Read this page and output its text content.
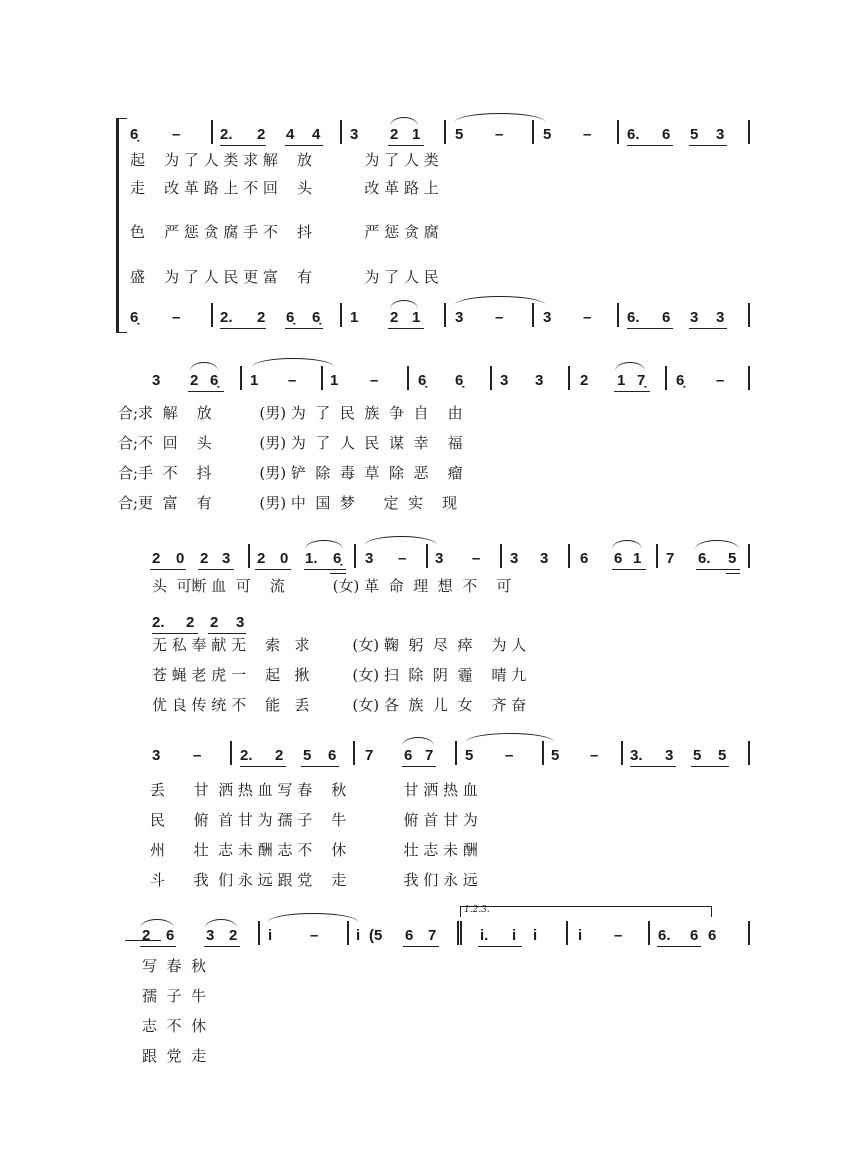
6̣ –	2. 2 4 4 3 2 1 5 –	5 – 6. 6 5 3
起    为 了 人 类 求 解    放           为 了 人 类
走    改 革 路 上 不 回    头           改 革 路 上
色    严 惩 贪 腐 手 不    抖           严 惩 贪 腐
盛    为 了 人 民 更 富    有           为 了 人 民
6̣ –	2. 2 6̣ 6̣ 1 2 1 3 –	3 – 6. 6 3 3
3 2 6̣ 1 – 1 –	6̣ 6̣ 3 3 2 1 7̣ 6̣ –
合;求  解    放          (男) 为  了  民  族  争  自    由
合;不  回    头          (男) 为  了  人  民  谋  幸    福
合;手  不    抖          (男) 铲  除  毒  草  除  恶    瘤
合;更  富    有          (男) 中  国  梦      定  实    现
2 0 2 3 2 0 1. 6̣ 3 – 3 – 3 3 6 6 1 7 6. 5
头  可断 血  可    流          (女) 革  命  理  想  不    可
2. 2 2 3
无 私 奉 献 无    索   求         (女) 鞠  躬  尽  瘁    为 人
苍 蝇 老 虎 一    起   揪         (女) 扫  除  阴  霾    晴 九
优 良 传 统 不    能   丢         (女) 各  族  儿  女    齐 奋
3 –	2. 2 5 6 7 6 7 5 –	5 – 3. 3 5 5
丢      甘  洒 热 血 写 春    秋            甘 洒 热 血
民      俯  首 甘 为 孺 子    牛            俯 首 甘 为
州      壮  志 未 酬 志 不    休            壮 志 未 酬
斗      我  们 永 远 跟 党    走            我 们 永 远
2 6 3 2 i	–	i (5 6 7
1.2.3.
i. i i	i – 6. 6 6
写  春  秋
孺  子  牛
志  不  休
跟  党  走
